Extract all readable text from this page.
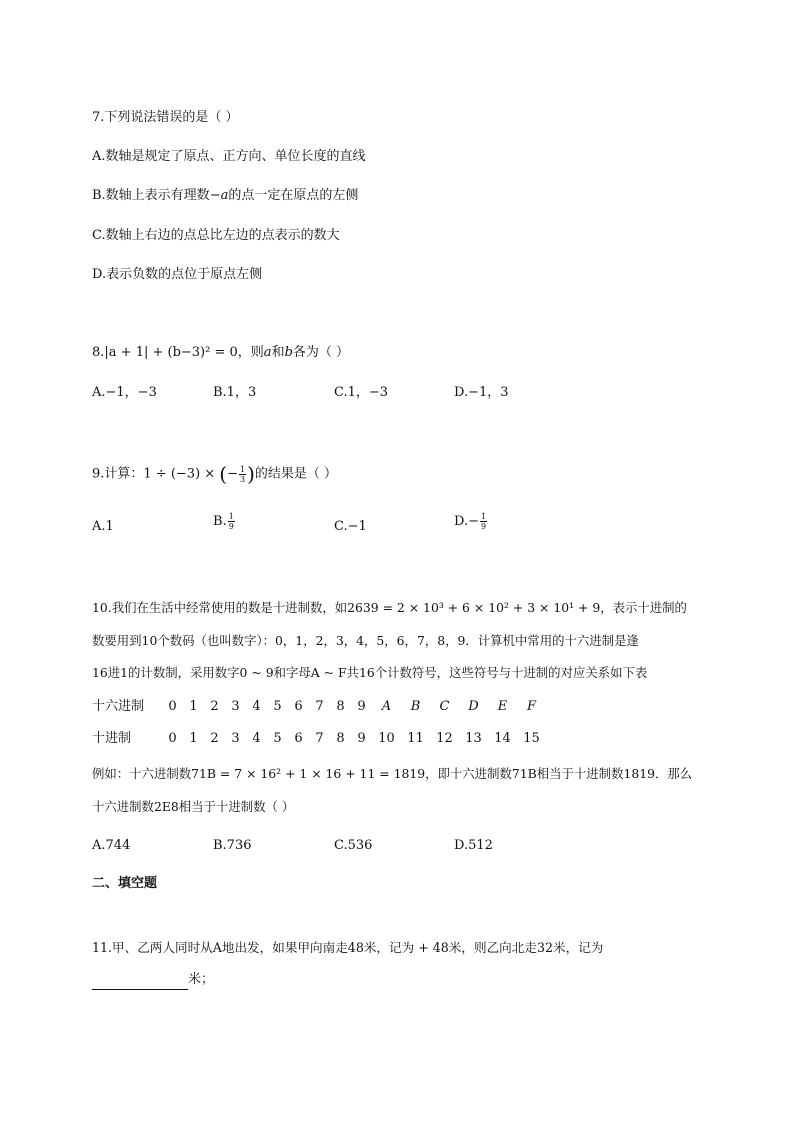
7.下列说法错误的是（ ）
A.数轴是规定了原点、正方向、单位长度的直线
B.数轴上表示有理数−a的点一定在原点的左侧
C.数轴上右边的点总比左边的点表示的数大
D.表示负数的点位于原点左侧
8.|a + 1| + (b−3)² = 0，则a和b各为（ ）
A.−1，−3	B.1，3	C.1，−3	D.−1，3
9.计算：1 ÷ (−3) × (− $\frac{1}{3}$ )的结果是（ ）
A.1	B. $\frac{1}{9}$	C.−1	$D.- \frac{1}{9}$
10.我们在生活中经常使用的数是十进制数，如2639 = 2 × 10³ + 6 × 10² + 3 × 10¹ + 9，表示十进制的
数要用到10个数码（也叫数字）：0，1，2，3，4，5，6，7，8，9．计算机中常用的十六进制是逢
16进1的计数制，采用数字0 ~ 9和字母A ~ F共16个计数符号，这些符号与十进制的对应关系如下表
十六进制 0 1 2 3 4 5 6 7 8 9 A B C D E F
十进制	0 1 2 3 4 5 6 7 8 9 10 11 12 13 14 15
例如：十六进制数71B = 7 × 16² + 1 × 16 + 11 = 1819，即十六进制数71B相当于十进制数1819．那么
十六进制数2E8相当于十进制数（ ）
A.744	B.736	C.536	D.512
二、填空题
11.甲、乙两人同时从A地出发，如果甲向南走48米，记为 + 48米，则乙向北走32米，记为
米；
